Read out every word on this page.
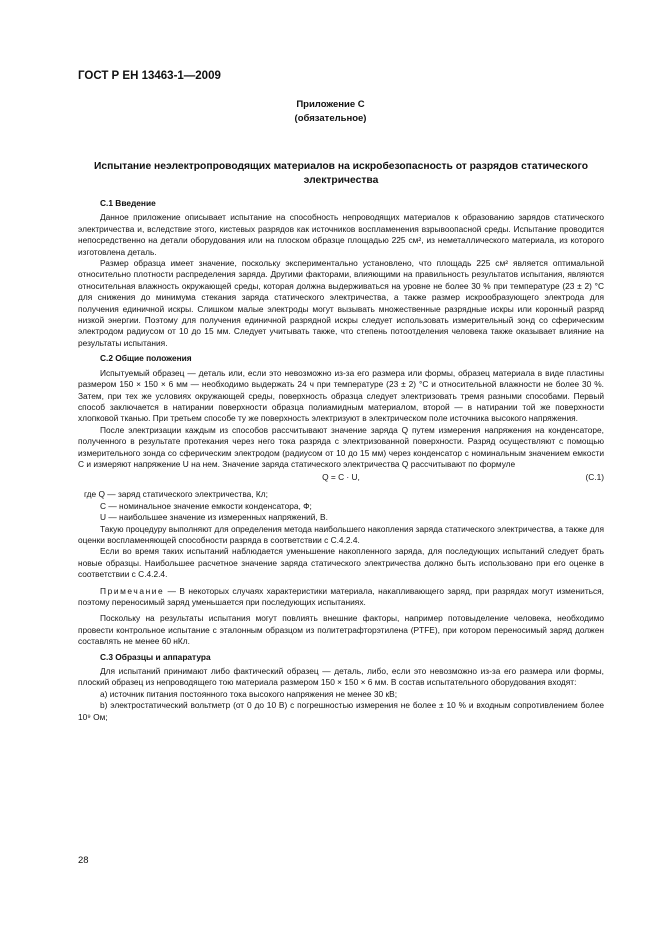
ГОСТ Р ЕН 13463-1—2009
Приложение С
(обязательное)
Испытание неэлектропроводящих материалов на искробезопасность от разрядов статического электричества
С.1 Введение

Данное приложение описывает испытание на способность непроводящих материалов к образованию зарядов статического электричества и, вследствие этого, кистевых разрядов как источников воспламенения взрывоопасной среды. Испытание проводится непосредственно на детали оборудования или на плоском образце площадью 225 см², из неметаллического материала, из которого изготовлена деталь.

Размер образца имеет значение, поскольку экспериментально установлено, что площадь 225 см² является оптимальной относительно плотности распределения заряда. Другими факторами, влияющими на правильность результатов испытания, являются относительная влажность окружающей среды, которая должна выдерживаться на уровне не более 30 % при температуре (23 ± 2) °С для снижения до минимума стекания заряда статического электричества, а также размер искрообразующего электрода для получения единичной искры. Слишком малые электроды могут вызывать множественные разрядные искры или коронный разряд низкой энергии. Поэтому для получения единичной разрядной искры следует использовать измерительный зонд со сферическим электродом радиусом от 10 до 15 мм. Следует учитывать также, что степень потоотделения человека также оказывает влияние на результаты испытания.

С.2 Общие положения

Испытуемый образец — деталь или, если это невозможно из-за его размера или формы, образец материала в виде пластины размером 150 × 150 × 6 мм — необходимо выдержать 24 ч при температуре (23 ± 2) °С и относительной влажности не более 30 %. Затем, при тех же условиях окружающей среды, поверхность образца следует электризовать тремя разными способами. Первый способ заключается в натирании поверхности образца полиамидным материалом, второй — в натирании той же поверхности хлопковой тканью. При третьем способе ту же поверхность электризуют в электрическом поле источника высокого напряжения.

После электризации каждым из способов рассчитывают значение заряда Q путем измерения напряжения на конденсаторе, полученного в результате протекания через него тока разряда с электризованной поверхности. Разряд осуществляют с помощью измерительного зонда со сферическим электродом (радиусом от 10 до 15 мм) через конденсатор с номинальным значением емкости С и измеряют напряжение U на нем. Значение заряда статического электричества Q рассчитывают по формуле

Q = C · U,	(С.1)

где Q — заряд статического электричества, Кл;

С — номинальное значение емкости конденсатора, Ф;

U — наибольшее значение из измеренных напряжений, В.

Такую процедуру выполняют для определения метода наибольшего накопления заряда статического электричества, а также для оценки воспламеняющей способности разряда в соответствии с С.4.2.4.

Если во время таких испытаний наблюдается уменьшение накопленного заряда, для последующих испытаний следует брать новые образцы. Наибольшее расчетное значение заряда статического электричества должно быть использовано при его оценке в соответствии с С.4.2.4.

Примечание — В некоторых случаях характеристики материала, накапливающего заряд, при разрядах могут измениться, поэтому переносимый заряд уменьшается при последующих испытаниях.

Поскольку на результаты испытания могут повлиять внешние факторы, например потовыделение человека, необходимо провести контрольное испытание с эталонным образцом из политетрафторэтилена (PTFE), при котором переносимый заряд должен составлять не менее 60 нКл.

С.3 Образцы и аппаратура

Для испытаний принимают либо фактический образец — деталь, либо, если это невозможно из-за его размера или формы, плоский образец из непроводящего тою материала размером 150 × 150 × 6 мм. В состав испытательного оборудования входят:

а) источник питания постоянного тока высокого напряжения не менее 30 кВ;

b) электростатический вольтметр (от 0 до 10 В) с погрешностью измерения не более ± 10 % и входным сопротивлением более 10⁹ Ом;

28
